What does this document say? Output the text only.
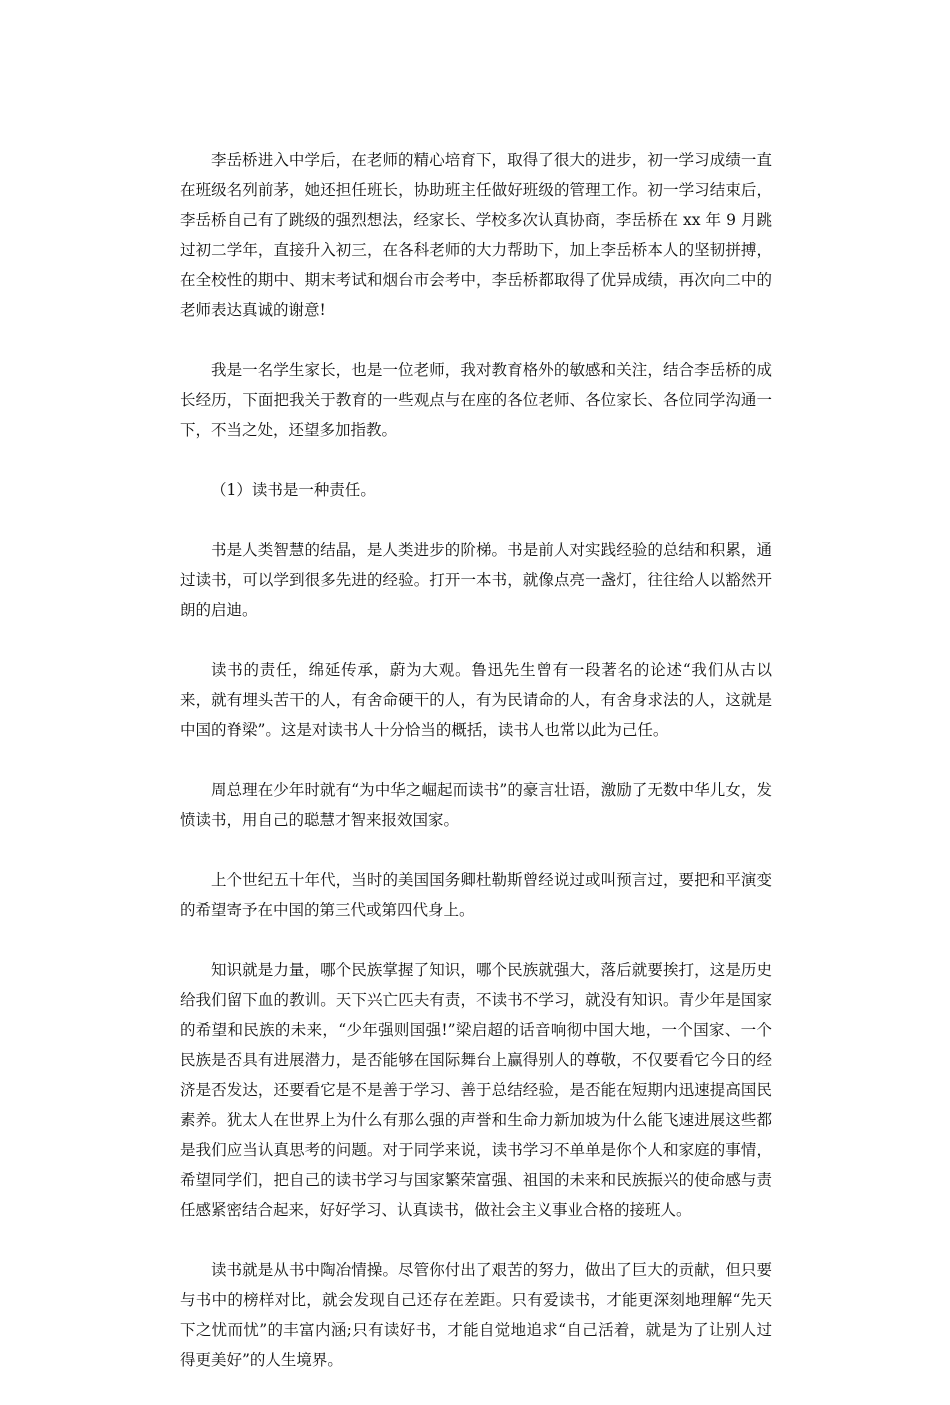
李岳桥进入中学后，在老师的精心培育下，取得了很大的进步，初一学习成绩一直在班级名列前茅，她还担任班长，协助班主任做好班级的管理工作。初一学习结束后，李岳桥自己有了跳级的强烈想法，经家长、学校多次认真协商，李岳桥在 xx 年 9 月跳过初二学年，直接升入初三，在各科老师的大力帮助下，加上李岳桥本人的坚韧拼搏，在全校性的期中、期末考试和烟台市会考中，李岳桥都取得了优异成绩，再次向二中的老师表达真诚的谢意!

我是一名学生家长，也是一位老师，我对教育格外的敏感和关注，结合李岳桥的成长经历，下面把我关于教育的一些观点与在座的各位老师、各位家长、各位同学沟通一下，不当之处，还望多加指教。

（1）读书是一种责任。

书是人类智慧的结晶，是人类进步的阶梯。书是前人对实践经验的总结和积累，通过读书，可以学到很多先进的经验。打开一本书，就像点亮一盏灯，往往给人以豁然开朗的启迪。

读书的责任，绵延传承，蔚为大观。鲁迅先生曾有一段著名的论述“我们从古以来，就有埋头苦干的人，有舍命硬干的人，有为民请命的人，有舍身求法的人，这就是中国的脊梁”。这是对读书人十分恰当的概括，读书人也常以此为己任。

周总理在少年时就有“为中华之崛起而读书”的豪言壮语，激励了无数中华儿女，发愤读书，用自己的聪慧才智来报效国家。

上个世纪五十年代，当时的美国国务卿杜勒斯曾经说过或叫预言过，要把和平演变的希望寄予在中国的第三代或第四代身上。

知识就是力量，哪个民族掌握了知识，哪个民族就强大，落后就要挨打，这是历史给我们留下血的教训。天下兴亡匹夫有责，不读书不学习，就没有知识。青少年是国家的希望和民族的未来，“少年强则国强!”梁启超的话音响彻中国大地，一个国家、一个民族是否具有进展潜力，是否能够在国际舞台上赢得别人的尊敬，不仅要看它今日的经济是否发达，还要看它是不是善于学习、善于总结经验，是否能在短期内迅速提高国民素养。犹太人在世界上为什么有那么强的声誉和生命力新加坡为什么能飞速进展这些都是我们应当认真思考的问题。对于同学来说，读书学习不单单是你个人和家庭的事情，希望同学们，把自己的读书学习与国家繁荣富强、祖国的未来和民族振兴的使命感与责任感紧密结合起来，好好学习、认真读书，做社会主义事业合格的接班人。

读书就是从书中陶冶情操。尽管你付出了艰苦的努力，做出了巨大的贡献，但只要与书中的榜样对比，就会发现自己还存在差距。只有爱读书，才能更深刻地理解“先天下之忧而忧”的丰富内涵;只有读好书，才能自觉地追求“自己活着，就是为了让别人过得更美好”的人生境界。
